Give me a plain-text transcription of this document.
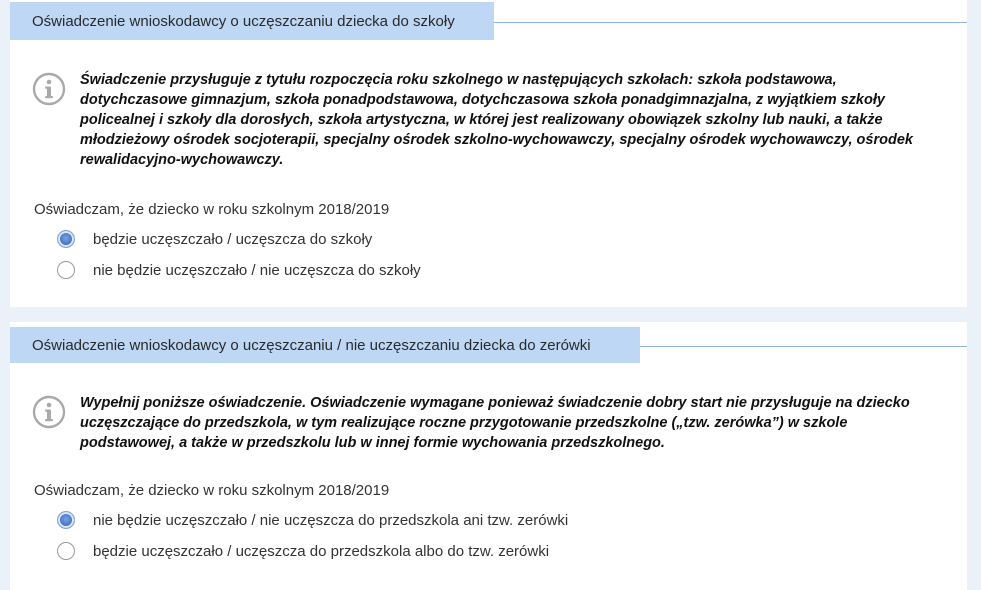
Oświadczenie wnioskodawcy o uczęszczaniu dziecka do szkoły
Świadczenie przysługuje z tytułu rozpoczęcia roku szkolnego w następujących szkołach: szkoła podstawowa, dotychczasowe gimnazjum, szkoła ponadpodstawowa, dotychczasowa szkoła ponadgimnazjalna, z wyjątkiem szkoły policealnej i szkoły dla dorosłych, szkoła artystyczna, w której jest realizowany obowiązek szkolny lub nauki, a także młodzieżowy ośrodek socjoterapii, specjalny ośrodek szkolno-wychowawczy, specjalny ośrodek wychowawczy, ośrodek rewalidacyjno-wychowawczy.
Oświadczam, że dziecko w roku szkolnym 2018/2019
będzie uczęszczało / uczęszcza do szkoły
nie będzie uczęszczało / nie uczęszcza do szkoły
Oświadczenie wnioskodawcy o uczęszczaniu / nie uczęszczaniu dziecka do zerówki
Wypełnij poniższe oświadczenie. Oświadczenie wymagane ponieważ świadczenie dobry start nie przysługuje na dziecko uczęszczające do przedszkola, w tym realizujące roczne przygotowanie przedszkolne („tzw. zerówka”) w szkole podstawowej, a także w przedszkolu lub w innej formie wychowania przedszkolnego.
Oświadczam, że dziecko w roku szkolnym 2018/2019
nie będzie uczęszczało / nie uczęszcza do przedszkola ani tzw. zerówki
będzie uczęszczało / uczęszcza do przedszkola albo do tzw. zerówki
